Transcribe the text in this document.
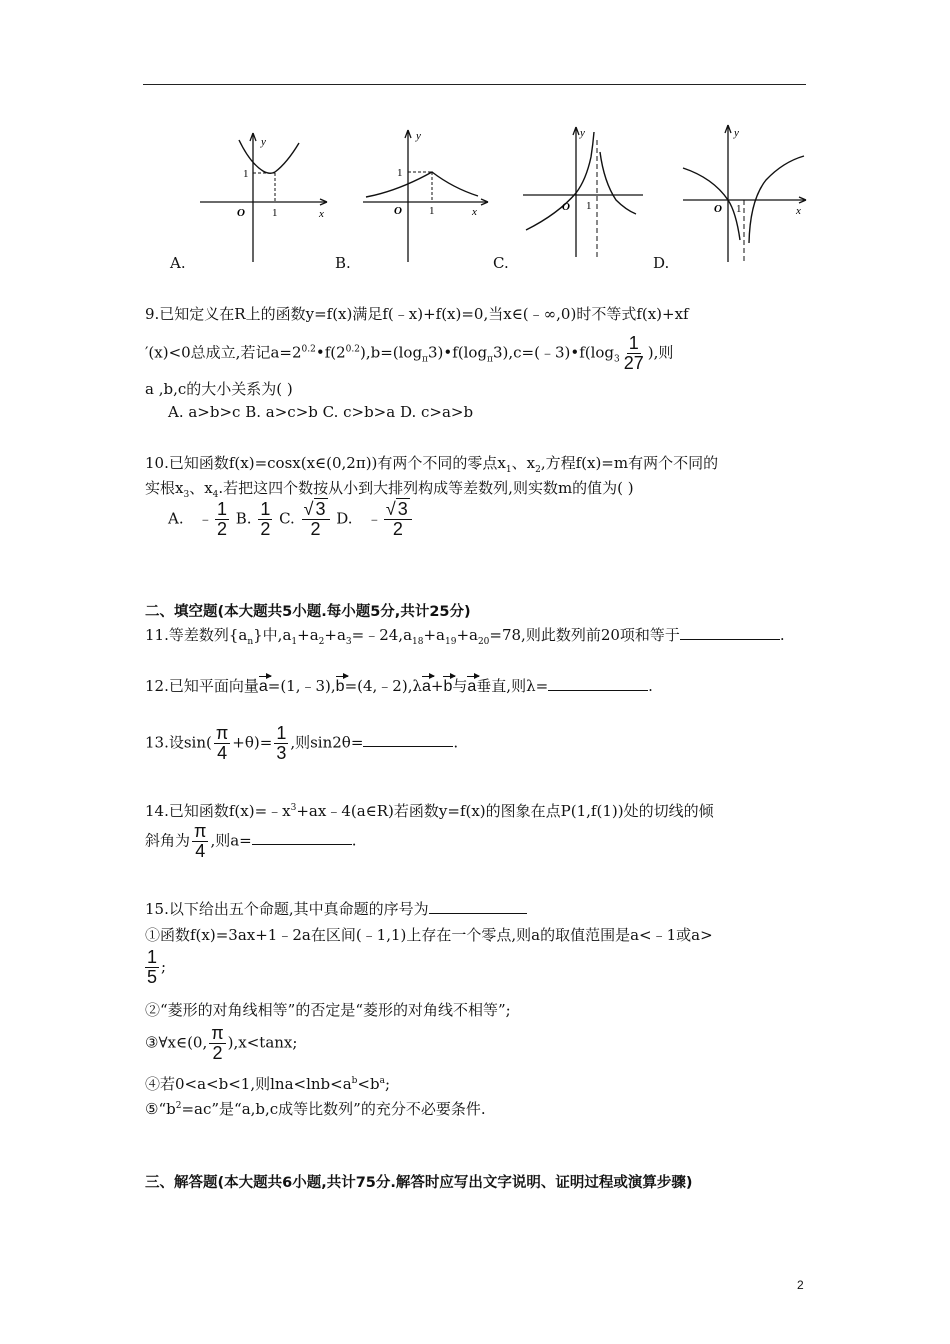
y
x
O 1
1
y
x
O 1
1
y
O 1
y
x
O 1
A.	B.	C.	D.
9.已知定义在R上的函数y=f(x)满足f(﹣x)+f(x)=0,当x∈(﹣∞,0)时不等式f(x)+xf
′(x)<0总成立,若记$a=2^{0.2}•f(2^{0.2}),b=(\log_\pi 3)•f(\log_\pi 3),c=(﹣3)•f(\log_3 \frac{1}{27}$ ),则
a ,b,c的大小关系为( )
A. a>b>c B. a>c>b C. c>b>a D. c>a>b
10.已知函数f(x)=cosx(x∈(0,2π))有两个不同的零点$x_1$、$x_2$,方程f(x)=m有两个不同的
实根$x_3$、$x_4$.若把这四个数按从小到大排列构成等差数列,则实数m的值为( )
A. ﹣ $\frac{1}{2} B$. $\frac{1}{2} C$. $\frac{√ 3}{2} D$. ﹣ $\frac{√ 3}{2}$
二、填空题(本大题共5小题.每小题5分,共计25分)
11.等差数列$\{a_n\}$中$,a_1+a_2+a_3=﹣24,a_{18}+a_{19}+a_{20}=78$,则此数列前20项和等于	.
12.已知平面向量a=(1,﹣3),b=(4,﹣2),λa+b与a垂直,则λ=	.
13.设$\sin( \frac{\pi}{4} +\theta)= \frac{1}{3}$ ,则sin2θ=	.
14.已知函数$f(x)=﹣x^3+ax﹣4(a\in R)$若函数y=f(x)的图象在点P(1,f(1))处的切线的倾
斜角为 $\frac{\pi}{4}$ ,则a=	.
15.以下给出五个命题,其中真命题的序号为
①函数f(x)=3ax+1﹣2a在区间(﹣1,1)上存在一个零点,则a的取值范围是a<﹣1或a>
$\frac{1}{5}$ ;
②“菱形的对角线相等”的否定是“菱形的对角线不相等”;
③∀x∈(0, $\frac{\pi}{2} ),x<\tan x$;
④若0<a<b<1,则$\ln a<\ln b<a^b<b^a$;
$⑤“b^2=ac$”是“a,b,c成等比数列”的充分不必要条件.
三、解答题(本大题共6小题,共计75分.解答时应写出文字说明、证明过程或演算步骤)
2
